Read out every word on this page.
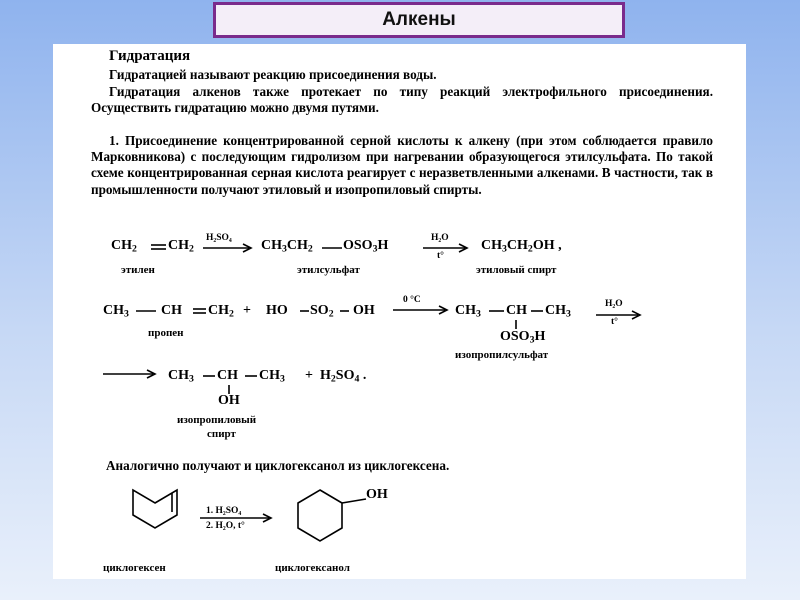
Алкены
Гидратация
Гидратацией называют реакцию присоединения воды.
Гидратация алкенов также протекает по типу реакций электрофильного присоединения. Осуществить гидратацию можно двумя путями.
1. Присоединение концентрированной серной кислоты к алкену (при этом соблюдается правило Марковникова) с последующим гидролизом при нагревании образующегося этилсульфата. По такой схеме концентрированная серная кислота реагирует с неразветвленными алкенами. В частности, так в промышленности получают этиловый и изопропиловый спирты.
$CH_2$ $CH_2$
H₂SO₄ $CH_3CH_2$ $OSO_3H$	H₂O
t°
$CH_3CH_2OH$ ,
этилен	этилсульфат	этиловый спирт
$CH_3$ CH $CH_2$ + HO $SO_2$ OH
0 °C
$CH_3$ CH $CH_3$
$OSO_3H$
H₂O
t°
пропен
изопропилсульфат
$CH_3$ CH $CH_3$
OH
+  $H_2SO_4$ .
изопропиловый
спирт
Аналогично получают и циклогексанол из циклогексена.
1. H₂SO₄
2. H₂O, t°
OH
циклогексен	циклогексанол
